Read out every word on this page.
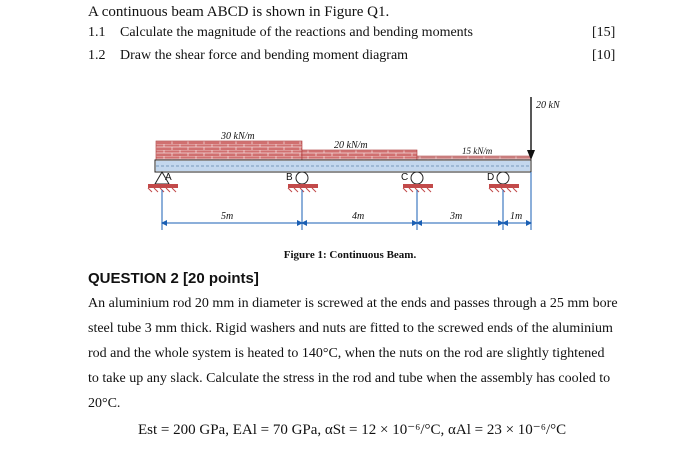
A continuous beam ABCD is shown in Figure Q1.
1.1 Calculate the magnitude of the reactions and bending moments	[15]
1.2 Draw the shear force and bending moment diagram	[10]
20 kN
30 kN/m
20 kN/m	15 kN/m
A	B	C	D
5m	4m	3m	1m
Figure 1: Continuous Beam.
QUESTION 2 [20 points]
An aluminium rod 20 mm in diameter is screwed at the ends and passes through a 25 mm bore
steel tube 3 mm thick. Rigid washers and nuts are fitted to the screwed ends of the aluminium
rod and the whole system is heated to 140°C, when the nuts on the rod are slightly tightened
to take up any slack. Calculate the stress in the rod and tube when the assembly has cooled to
20°C.
Est = 200 GPa, EAl = 70 GPa, αSt = 12 × 10⁻⁶/°C, αAl = 23 × 10⁻⁶/°C
